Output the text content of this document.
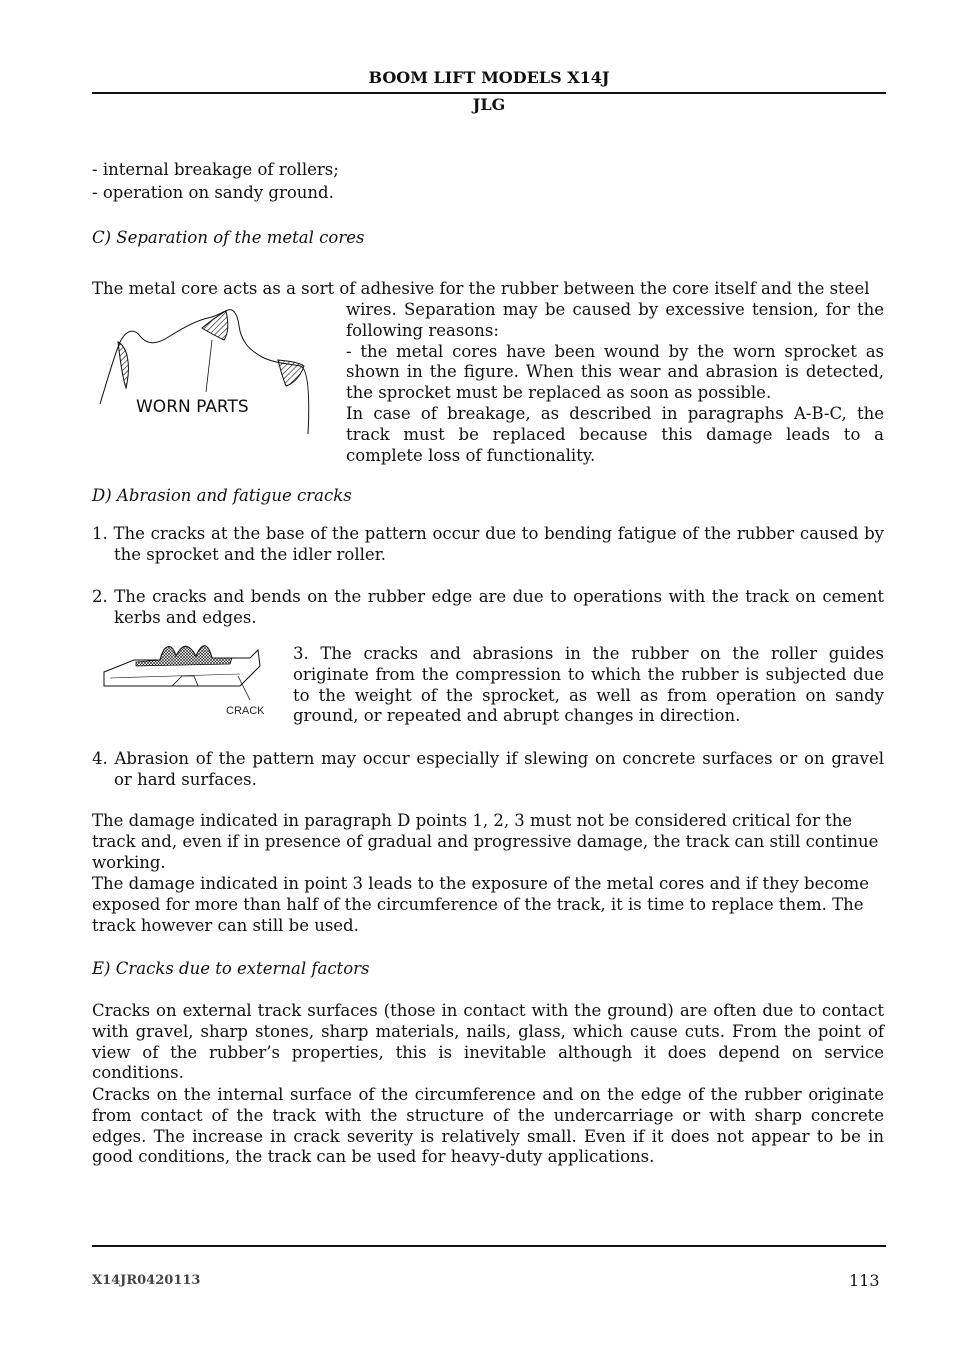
BOOM LIFT MODELS X14J
JLG
- internal breakage of rollers;
- operation on sandy ground.
C) Separation of the metal cores
The metal core acts as a sort of adhesive for the rubber between the core itself and the steel
WORN PARTS
wires. Separation may be caused by excessive tension, for the following reasons:
- the metal cores have been wound by the worn sprocket as shown in the figure. When this wear and abrasion is detected, the sprocket must be replaced as soon as possible.
In case of breakage, as described in paragraphs A-B-C, the track must be replaced because this damage leads to a complete loss of functionality.
D) Abrasion and fatigue cracks
1. The cracks at the base of the pattern occur due to bending fatigue of the rubber caused by the sprocket and the idler roller.
2. The cracks and bends on the rubber edge are due to operations with the track on cement kerbs and edges.
CRACK
3. The cracks and abrasions in the rubber on the roller guides originate from the compression to which the rubber is subjected due to the weight of the sprocket, as well as from operation on sandy ground, or repeated and abrupt changes in direction.
4. Abrasion of the pattern may occur especially if slewing on concrete surfaces or on gravel or hard surfaces.
The damage indicated in paragraph D points 1, 2, 3 must not be considered critical for the track and, even if in presence of gradual and progressive damage, the track can still continue working.
The damage indicated in point 3 leads to the exposure of the metal cores and if they become exposed for more than half of the circumference of the track, it is time to replace them. The track however can still be used.
E) Cracks due to external factors
Cracks on external track surfaces (those in contact with the ground) are often due to contact with gravel, sharp stones, sharp materials, nails, glass, which cause cuts. From the point of view of the rubber’s properties, this is inevitable although it does depend on service conditions.
Cracks on the internal surface of the circumference and on the edge of the rubber originate from contact of the track with the structure of the undercarriage or with sharp concrete edges. The increase in crack severity is relatively small. Even if it does not appear to be in good conditions, the track can be used for heavy-duty applications.
X14JR0420113	113
